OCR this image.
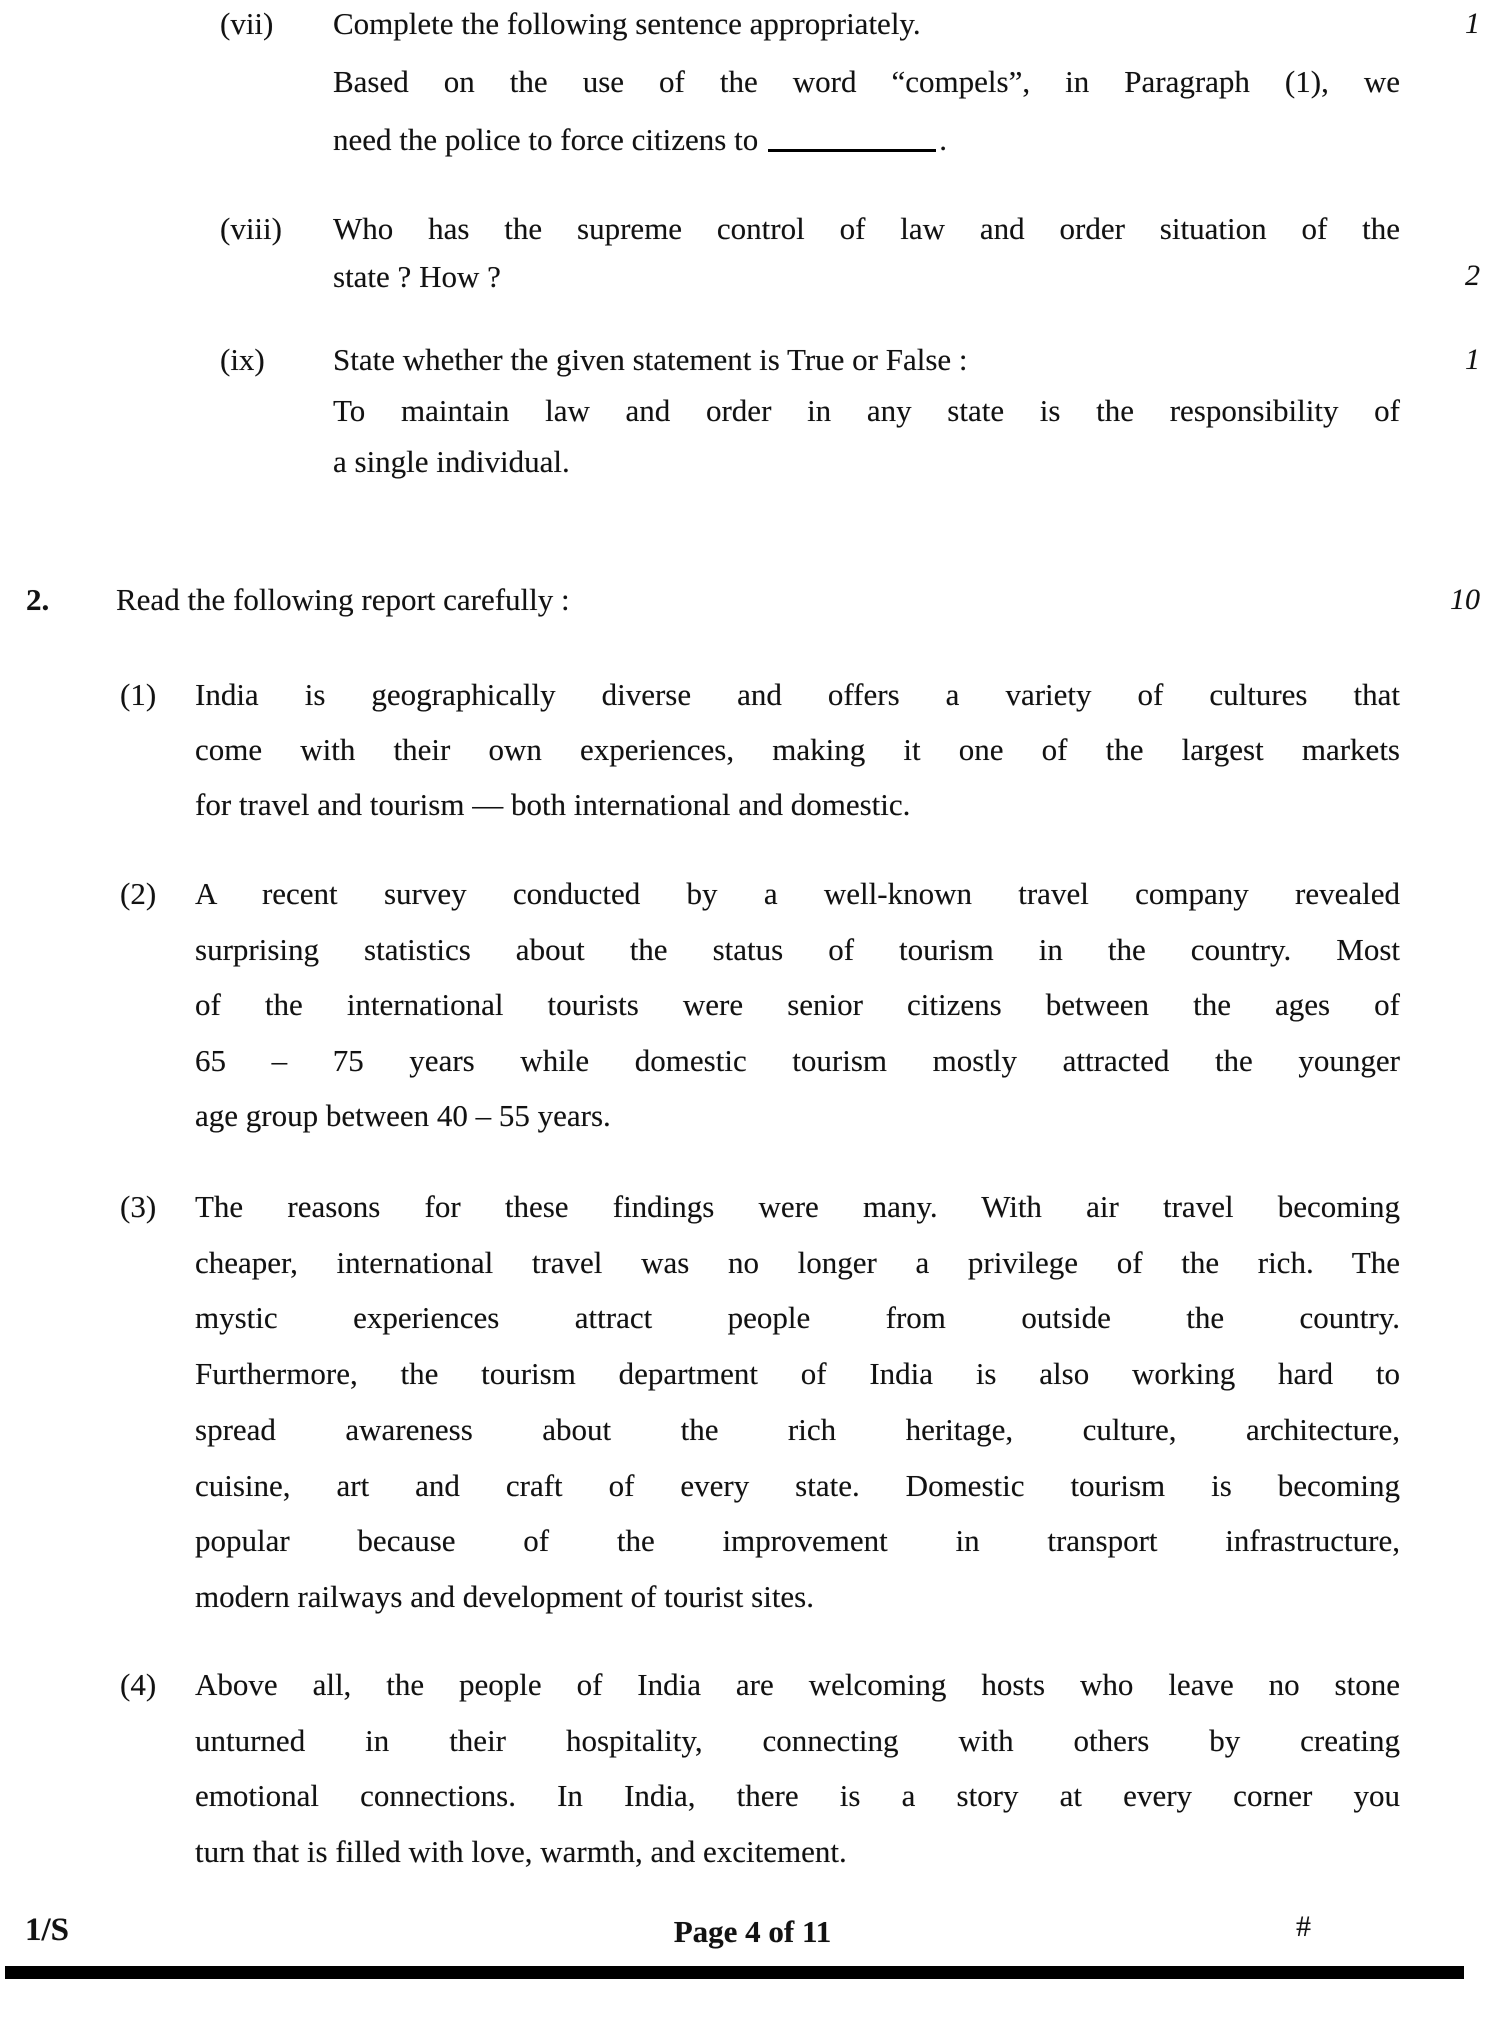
(vii) Complete the following sentence appropriately.
Based on the use of the word “compels”, in Paragraph (1), we
need the police to force citizens to	.
1
(viii) Who has the supreme control of law and order situation of the
state ? How ?	2
(ix) State whether the given statement is True or False :
To maintain law and order in any state is the responsibility of
a single individual.
1
2. Read the following report carefully :	10
(1) India is geographically diverse and offers a variety of cultures that
come with their own experiences, making it one of the largest markets
for travel and tourism — both international and domestic.
(2) A recent survey conducted by a well-known travel company revealed
surprising statistics about the status of tourism in the country. Most
of the international tourists were senior citizens between the ages of
65 – 75 years while domestic tourism mostly attracted the younger
age group between 40 – 55 years.
(3) The reasons for these findings were many. With air travel becoming
cheaper, international travel was no longer a privilege of the rich. The
mystic experiences attract people from outside the country.
Furthermore, the tourism department of India is also working hard to
spread awareness about the rich heritage, culture, architecture,
cuisine, art and craft of every state. Domestic tourism is becoming
popular because of the improvement in transport infrastructure,
modern railways and development of tourist sites.
(4) Above all, the people of India are welcoming hosts who leave no stone
unturned in their hospitality, connecting with others by creating
emotional connections. In India, there is a story at every corner you
turn that is filled with love, warmth, and excitement.
1/S	Page 4 of 11	#
